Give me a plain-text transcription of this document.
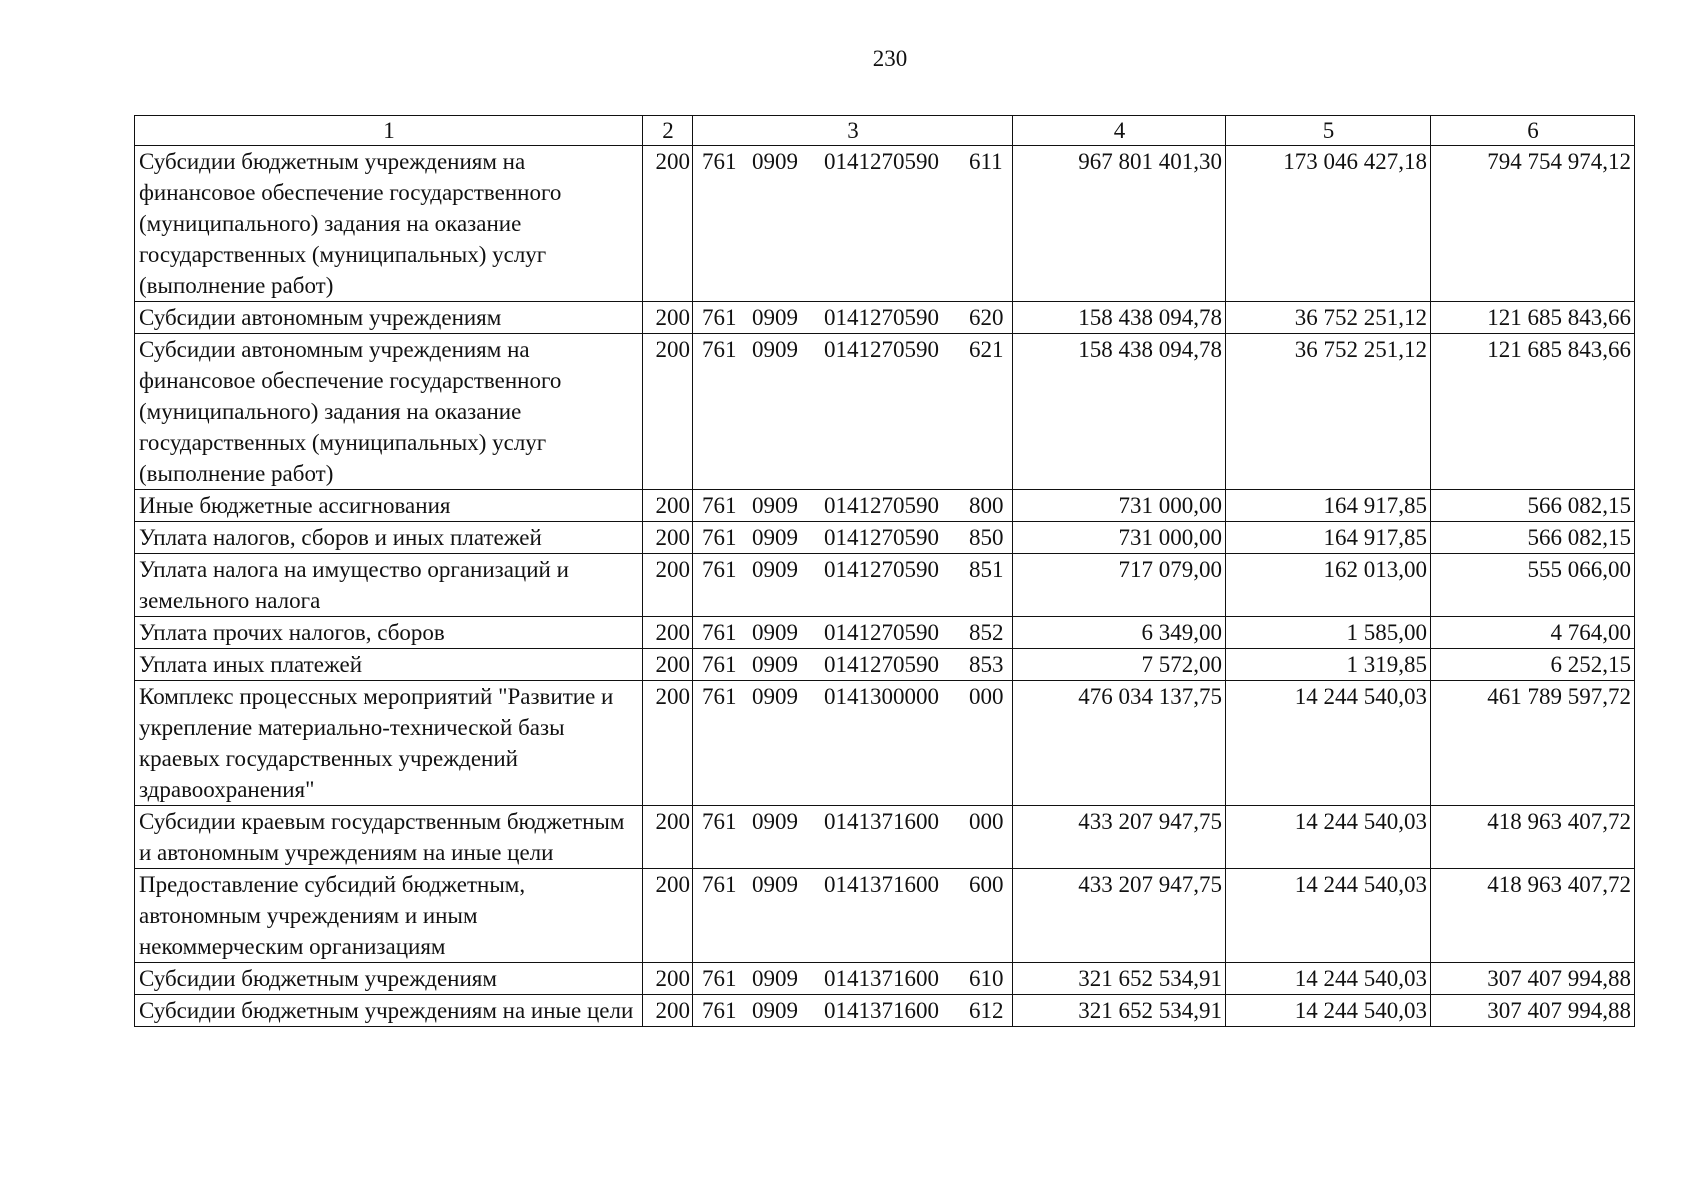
230
1	2	3	4	5	6
Субсидии бюджетным учреждениям на финансовое обеспечение государственного (муниципального) задания на оказание государственных (муниципальных) услуг (выполнение работ)	200	761 0909 0141270590 611	967 801 401,30	173 046 427,18	794 754 974,12
Субсидии автономным учреждениям	200	761 0909 0141270590 620	158 438 094,78	36 752 251,12	121 685 843,66
Субсидии автономным учреждениям на финансовое обеспечение государственного (муниципального) задания на оказание государственных (муниципальных) услуг (выполнение работ)	200	761 0909 0141270590 621	158 438 094,78	36 752 251,12	121 685 843,66
Иные бюджетные ассигнования	200	761 0909 0141270590 800	731 000,00	164 917,85	566 082,15
Уплата налогов, сборов и иных платежей	200	761 0909 0141270590 850	731 000,00	164 917,85	566 082,15
Уплата налога на имущество организаций и земельного налога	200	761 0909 0141270590 851	717 079,00	162 013,00	555 066,00
Уплата прочих налогов, сборов	200	761 0909 0141270590 852	6 349,00	1 585,00	4 764,00
Уплата иных платежей	200	761 0909 0141270590 853	7 572,00	1 319,85	6 252,15
Комплекс процессных мероприятий "Развитие и укрепление материально-технической базы краевых государственных учреждений здравоохранения"	200	761 0909 0141300000 000	476 034 137,75	14 244 540,03	461 789 597,72
Субсидии краевым государственным бюджетным и автономным учреждениям на иные цели	200	761 0909 0141371600 000	433 207 947,75	14 244 540,03	418 963 407,72
Предоставление субсидий бюджетным, автономным учреждениям и иным некоммерческим организациям	200	761 0909 0141371600 600	433 207 947,75	14 244 540,03	418 963 407,72
Субсидии бюджетным учреждениям	200	761 0909 0141371600 610	321 652 534,91	14 244 540,03	307 407 994,88
Субсидии бюджетным учреждениям на иные цели	200	761 0909 0141371600 612	321 652 534,91	14 244 540,03	307 407 994,88
